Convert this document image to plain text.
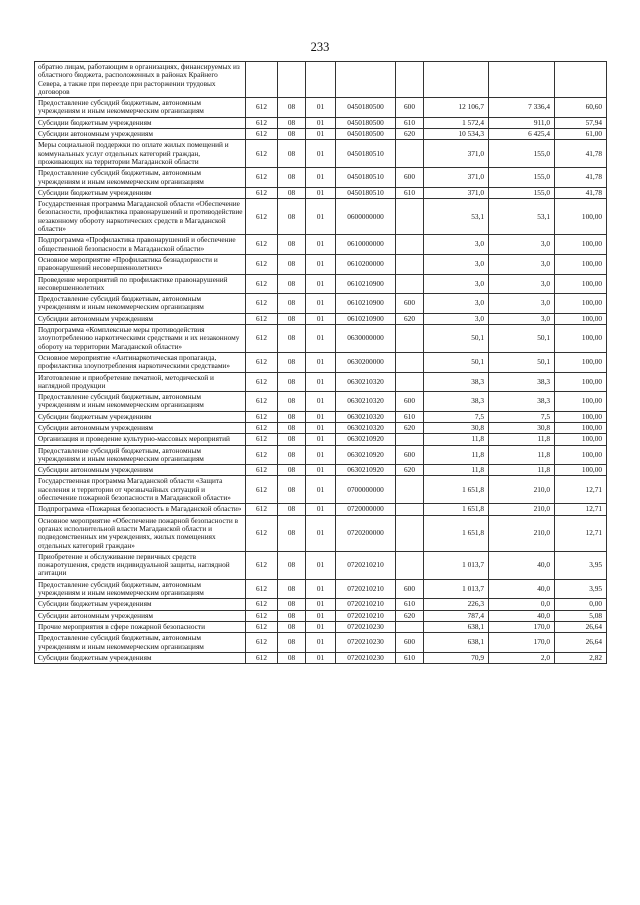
233
обратно лицам, работающим в организациях, финансируемых из областного бюджета, расположенных в районах Крайнего Севера, а также при переезде при расторжении трудовых договоров								
Предоставление субсидий бюджетным, автономным учреждениям и иным некоммерческим организациям	612	08	01	0450180500	600	12 106,7	7 336,4	60,60
Субсидии бюджетным учреждениям	612	08	01	0450180500	610	1 572,4	911,0	57,94
Субсидии автономным учреждениям	612	08	01	0450180500	620	10 534,3	6 425,4	61,00
Меры социальной поддержки по оплате жилых помещений и коммунальных услуг отдельных категорий граждан, проживающих на территории Магаданской области	612	08	01	0450180510		371,0	155,0	41,78
Предоставление субсидий бюджетным, автономным учреждениям и иным некоммерческим организациям	612	08	01	0450180510	600	371,0	155,0	41,78
Субсидии бюджетным учреждениям	612	08	01	0450180510	610	371,0	155,0	41,78
Государственная программа Магаданской области «Обеспечение безопасности, профилактика правонарушений и противодействие незаконному обороту наркотических средств в Магаданской области»	612	08	01	0600000000		53,1	53,1	100,00
Подпрограмма «Профилактика правонарушений и обеспечение общественной безопасности в Магаданской области»	612	08	01	0610000000		3,0	3,0	100,00
Основное мероприятие «Профилактика безнадзорности и правонарушений несовершеннолетних»	612	08	01	0610200000		3,0	3,0	100,00
Проведение мероприятий по профилактике правонарушений несовершеннолетних	612	08	01	0610210900		3,0	3,0	100,00
Предоставление субсидий бюджетным, автономным учреждениям и иным некоммерческим организациям	612	08	01	0610210900	600	3,0	3,0	100,00
Субсидии автономным учреждениям	612	08	01	0610210900	620	3,0	3,0	100,00
Подпрограмма «Комплексные меры противодействия злоупотреблению наркотическими средствами и их незаконному обороту на территории Магаданской области»	612	08	01	0630000000		50,1	50,1	100,00
Основное мероприятие «Антинаркотическая пропаганда, профилактика злоупотребления наркотическими средствами»	612	08	01	0630200000		50,1	50,1	100,00
Изготовление и приобретение печатной, методической и наглядной продукции	612	08	01	0630210320		38,3	38,3	100,00
Предоставление субсидий бюджетным, автономным учреждениям и иным некоммерческим организациям	612	08	01	0630210320	600	38,3	38,3	100,00
Субсидии бюджетным учреждениям	612	08	01	0630210320	610	7,5	7,5	100,00
Субсидии автономным учреждениям	612	08	01	0630210320	620	30,8	30,8	100,00
Организация и проведение культурно-массовых мероприятий	612	08	01	0630210920		11,8	11,8	100,00
Предоставление субсидий бюджетным, автономным учреждениям и иным некоммерческим организациям	612	08	01	0630210920	600	11,8	11,8	100,00
Субсидии автономным учреждениям	612	08	01	0630210920	620	11,8	11,8	100,00
Государственная программа Магаданской области «Защита населения и территории от чрезвычайных ситуаций и обеспечение пожарной безопасности в Магаданской области»	612	08	01	0700000000		1 651,8	210,0	12,71
Подпрограмма «Пожарная безопасность в Магаданской области»	612	08	01	0720000000		1 651,8	210,0	12,71
Основное мероприятие «Обеспечение пожарной безопасности в органах исполнительной власти Магаданской области и подведомственных им учреждениях, жилых помещениях отдельных категорий граждан»	612	08	01	0720200000		1 651,8	210,0	12,71
Приобретение и обслуживание первичных средств пожаротушения, средств индивидуальной защиты, наглядной агитации	612	08	01	0720210210		1 013,7	40,0	3,95
Предоставление субсидий бюджетным, автономным учреждениям и иным некоммерческим организациям	612	08	01	0720210210	600	1 013,7	40,0	3,95
Субсидии бюджетным учреждениям	612	08	01	0720210210	610	226,3	0,0	0,00
Субсидии автономным учреждениям	612	08	01	0720210210	620	787,4	40,0	5,08
Прочие мероприятия в сфере пожарной безопасности	612	08	01	0720210230		638,1	170,0	26,64
Предоставление субсидий бюджетным, автономным учреждениям и иным некоммерческим организациям	612	08	01	0720210230	600	638,1	170,0	26,64
Субсидии бюджетным учреждениям	612	08	01	0720210230	610	70,9	2,0	2,82
